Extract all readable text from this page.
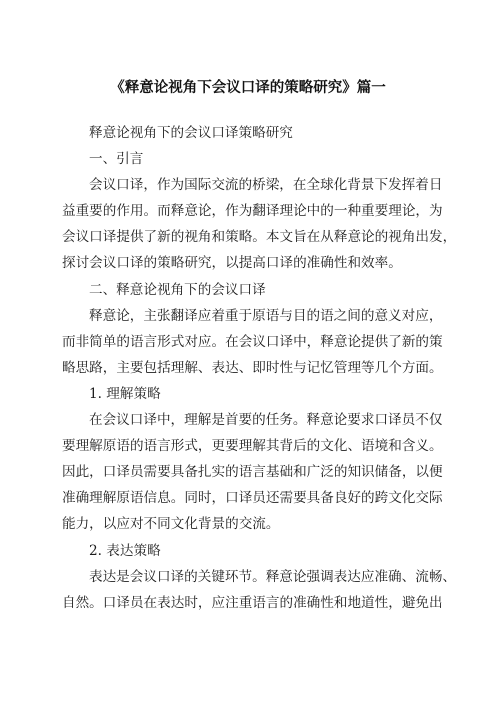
《释意论视角下会议口译的策略研究》篇一
释意论视角下的会议口译策略研究
一、引言
会议口译，作为国际交流的桥梁，在全球化背景下发挥着日
益重要的作用。而释意论，作为翻译理论中的一种重要理论，为
会议口译提供了新的视角和策略。本文旨在从释意论的视角出发，
探讨会议口译的策略研究，以提高口译的准确性和效率。
二、释意论视角下的会议口译
释意论，主张翻译应着重于原语与目的语之间的意义对应，
而非简单的语言形式对应。在会议口译中，释意论提供了新的策
略思路，主要包括理解、表达、即时性与记忆管理等几个方面。
1. 理解策略
在会议口译中，理解是首要的任务。释意论要求口译员不仅
要理解原语的语言形式，更要理解其背后的文化、语境和含义。
因此，口译员需要具备扎实的语言基础和广泛的知识储备，以便
准确理解原语信息。同时，口译员还需要具备良好的跨文化交际
能力，以应对不同文化背景的交流。
2. 表达策略
表达是会议口译的关键环节。释意论强调表达应准确、流畅、
自然。口译员在表达时，应注重语言的准确性和地道性，避免出
